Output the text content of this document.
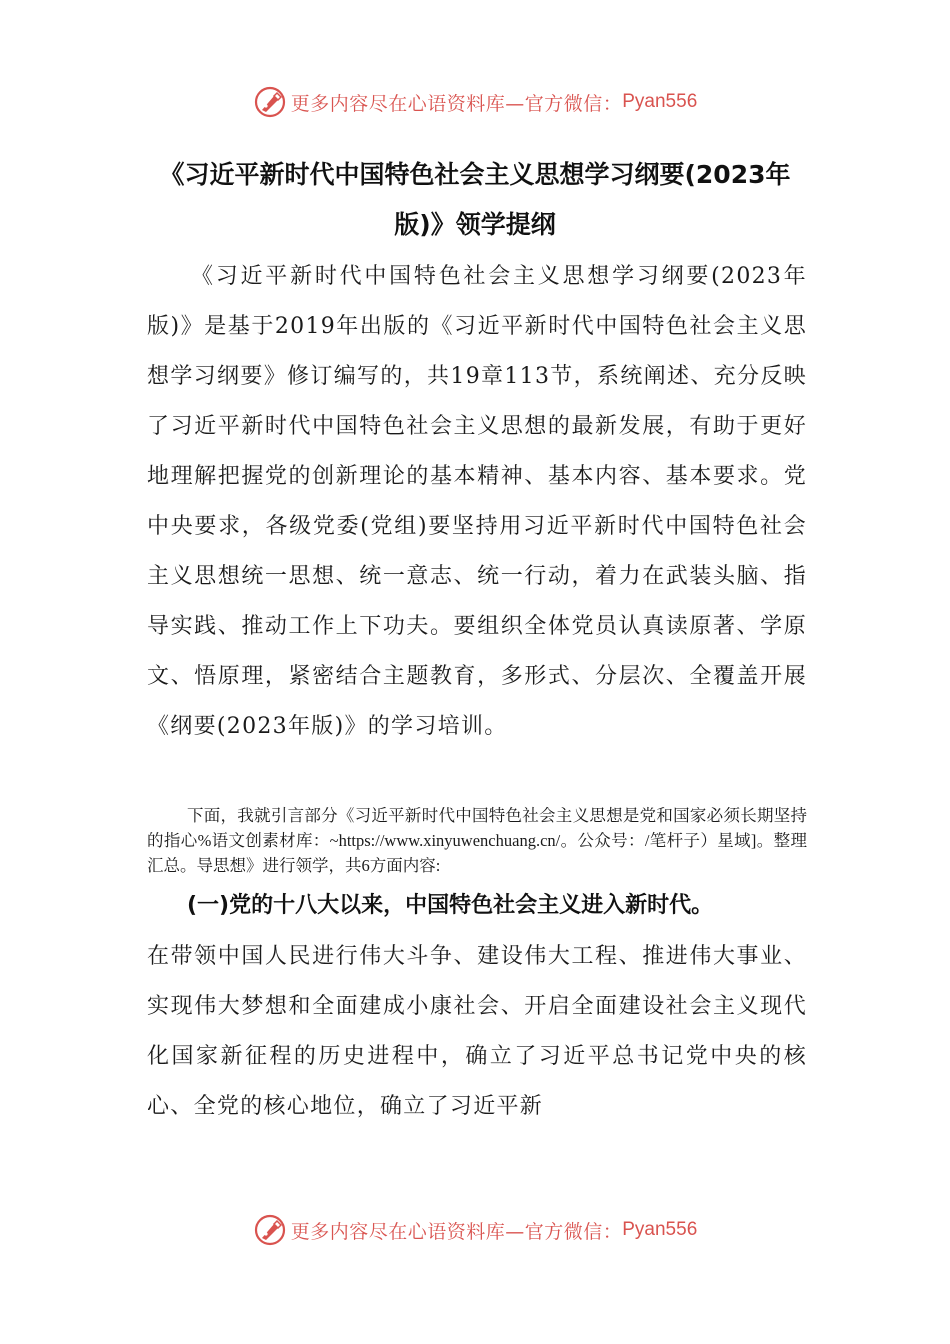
更多内容尽在心语资料库—官方微信： Pyan556
《习近平新时代中国特色社会主义思想学习纲要(2023年版)》领学提纲

《习近平新时代中国特色社会主义思想学习纲要(2023年版)》是基于2019年出版的《习近平新时代中国特色社会主义思想学习纲要》修订编写的，共19章113节，系统阐述、充分反映了习近平新时代中国特色社会主义思想的最新发展，有助于更好地理解把握党的创新理论的基本精神、基本内容、基本要求。党中央要求，各级党委(党组)要坚持用习近平新时代中国特色社会主义思想统一思想、统一意志、统一行动，着力在武装头脑、指导实践、推动工作上下功夫。要组织全体党员认真读原著、学原文、悟原理，紧密结合主题教育，多形式、分层次、全覆盖开展《纲要(2023年版)》的学习培训。

下面，我就引言部分《习近平新时代中国特色社会主义思想是党和国家必须长期坚持的指心%语文创素材库：~https://www.xinyuwenchuang.cn/。公众号：/笔杆子）星域]。整理汇总。导思想》进行领学，共6方面内容:

(一)党的十八大以来，中国特色社会主义进入新时代。

在带领中国人民进行伟大斗争、建设伟大工程、推进伟大事业、实现伟大梦想和全面建成小康社会、开启全面建设社会主义现代化国家新征程的历史进程中，确立了习近平总书记党中央的核心、全党的核心地位，确立了习近平新

更多内容尽在心语资料库—官方微信： Pyan556
